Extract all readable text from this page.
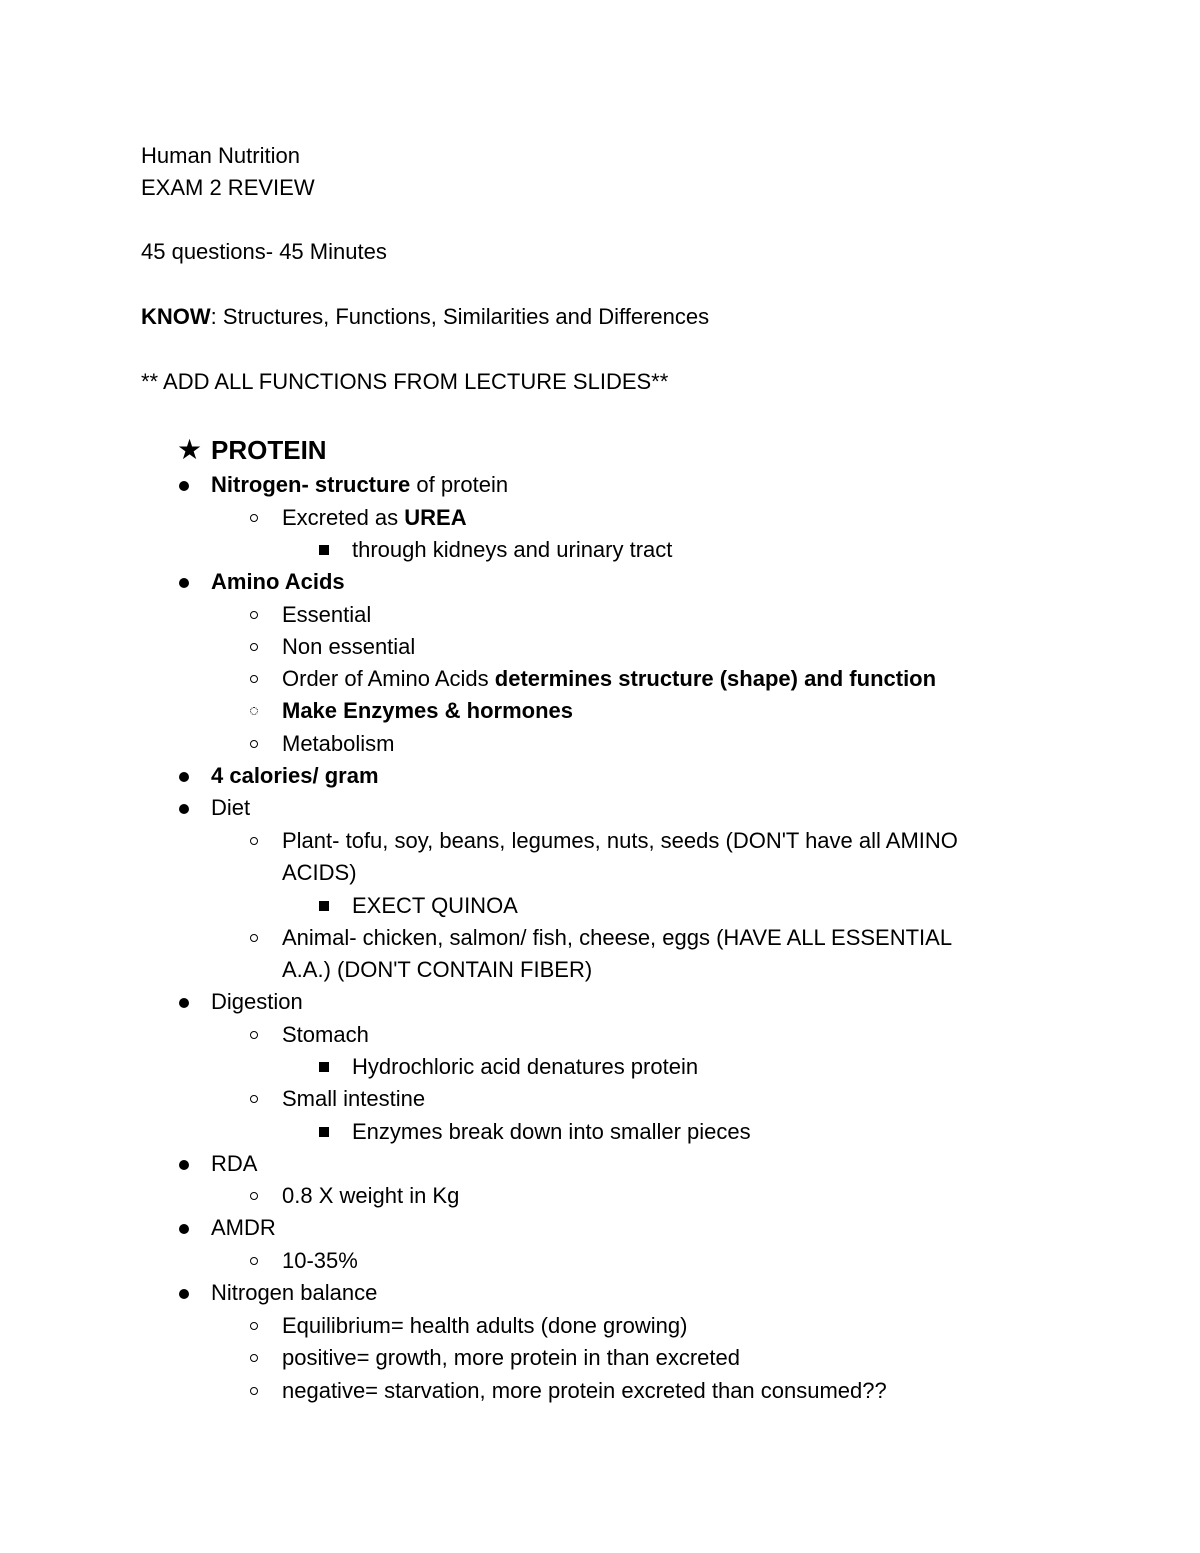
Human Nutrition
EXAM 2 REVIEW
45 questions- 45 Minutes
KNOW: Structures, Functions, Similarities and Differences
** ADD ALL FUNCTIONS FROM LECTURE SLIDES**
★ PROTEIN
Nitrogen- structure of protein
Excreted as UREA
through kidneys and urinary tract
Amino Acids
Essential
Non essential
Order of Amino Acids determines structure (shape) and function
Make Enzymes & hormones
Metabolism
4 calories/ gram
Diet
Plant- tofu, soy, beans, legumes, nuts, seeds (DON'T have all AMINO
ACIDS)
EXECT QUINOA
Animal- chicken, salmon/ fish, cheese, eggs (HAVE ALL ESSENTIAL
A.A.) (DON'T CONTAIN FIBER)
Digestion
Stomach
Hydrochloric acid denatures protein
Small intestine
Enzymes break down into smaller pieces
RDA
0.8 X weight in Kg
AMDR
10-35%
Nitrogen balance
Equilibrium= health adults (done growing)
positive= growth, more protein in than excreted
negative= starvation, more protein excreted than consumed??
